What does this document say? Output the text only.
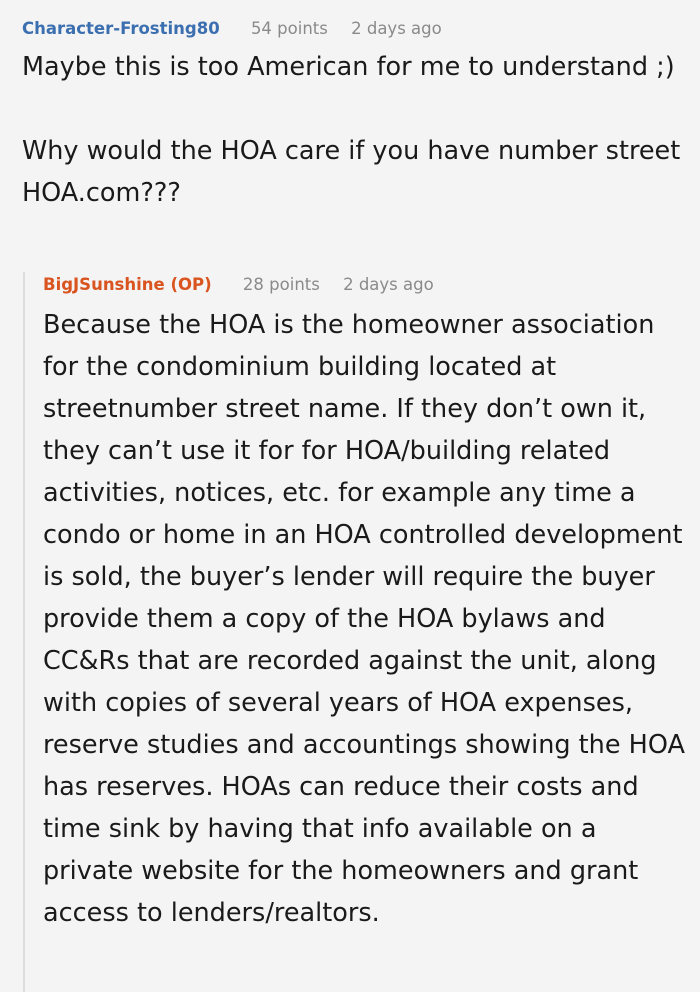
Character-Frosting80 54 points 2 days ago

Maybe this is too American for me to understand ;)

Why would the HOA care if you have number street HOA.com???

BigJSunshine (OP) 28 points 2 days ago

Because the HOA is the homeowner association for the condominium building located at streetnumber street name. If they don’t own it, they can’t use it for for HOA/building related activities, notices, etc. for example any time a condo or home in an HOA controlled development is sold, the buyer’s lender will require the buyer provide them a copy of the HOA bylaws and CC&Rs that are recorded against the unit, along with copies of several years of HOA expenses, reserve studies and accountings showing the HOA has reserves. HOAs can reduce their costs and time sink by having that info available on a private website for the homeowners and grant access to lenders/realtors.
